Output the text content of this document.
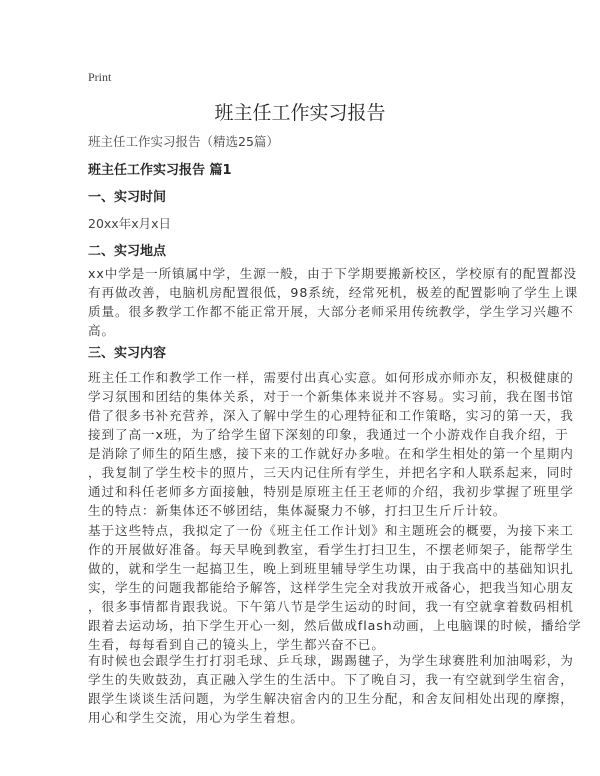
Print
班主任工作实习报告
班主任工作实习报告（精选25篇）
班主任工作实习报告 篇1
一、实习时间
20xx年x月x日
二、实习地点
xx中学是一所镇属中学，生源一般，由于下学期要搬新校区，学校原有的配置都没
有再做改善，电脑机房配置很低，98系统，经常死机，极差的配置影响了学生上课
质量。很多教学工作都不能正常开展，大部分老师采用传统教学，学生学习兴趣不
高。
三、实习内容
班主任工作和教学工作一样，需要付出真心实意。如何形成亦师亦友，积极健康的
学习氛围和团结的集体关系，对于一个新集体来说并不容易。实习前，我在图书馆
借了很多书补充营养，深入了解中学生的心理特征和工作策略，实习的第一天，我
接到了高一x班，为了给学生留下深刻的印象，我通过一个小游戏作自我介绍，于
是消除了师生的陌生感，接下来的工作就好办多啦。在和学生相处的第一个星期内
，我复制了学生校卡的照片，三天内记住所有学生，并把名字和人联系起来，同时
通过和科任老师多方面接触，特别是原班主任王老师的介绍，我初步掌握了班里学
生的特点：新集体还不够团结，集体凝聚力不够，打扫卫生斤斤计较。
基于这些特点，我拟定了一份《班主任工作计划》和主题班会的概要，为接下来工
作的开展做好准备。每天早晚到教室，看学生打扫卫生，不摆老师架子，能帮学生
做的，就和学生一起搞卫生，晚上到班里辅导学生功课，由于我高中的基础知识扎
实，学生的问题我都能给予解答，这样学生完全对我放开戒备心，把我当知心朋友
，很多事情都肯跟我说。下午第八节是学生运动的时间，我一有空就拿着数码相机
跟着去运动场，拍下学生开心一刻，然后做成flash动画，上电脑课的时候，播给学
生看，每每看到自己的镜头上，学生都兴奋不已。
有时候也会跟学生打打羽毛球、乒乓球，踢踢毽子，为学生球赛胜利加油喝彩，为
学生的失败鼓劲，真正融入学生的生活中。下了晚自习，我一有空就到学生宿舍，
跟学生谈谈生活问题，为学生解决宿舍内的卫生分配，和舍友间相处出现的摩擦，
用心和学生交流，用心为学生着想。
